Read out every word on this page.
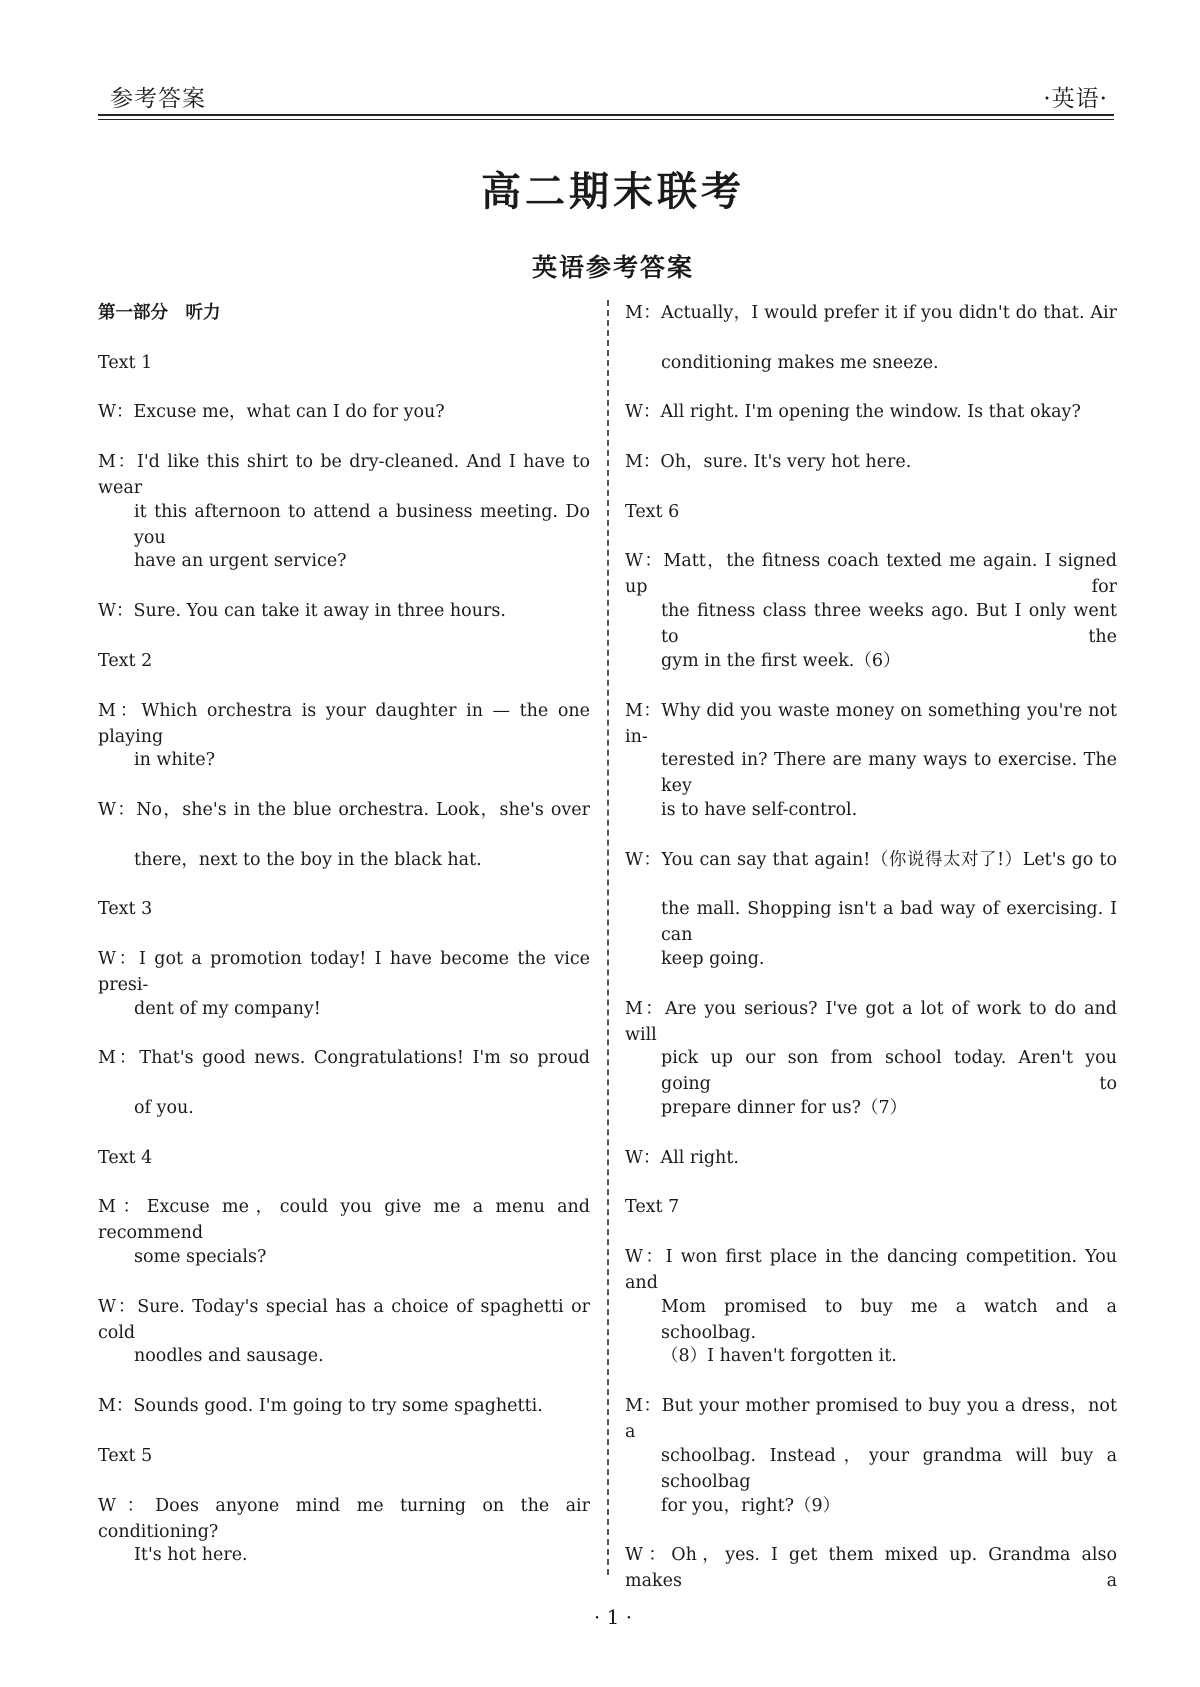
参考答案	·英语·
高二期末联考
英语参考答案
第一部分　听力
Text 1
W：Excuse me，what can I do for you?
M：I'd like this shirt to be dry-cleaned. And I have to wear
it this afternoon to attend a business meeting. Do you
have an urgent service?
W：Sure. You can take it away in three hours.
Text 2
M：Which orchestra is your daughter in — the one playing
in white?
W：No，she's in the blue orchestra. Look，she's over
there，next to the boy in the black hat.
Text 3
W：I got a promotion today! I have become the vice presi-
dent of my company!
M：That's good news. Congratulations! I'm so proud
of you.
Text 4
M：Excuse me，could you give me a menu and recommend
some specials?
W：Sure. Today's special has a choice of spaghetti or cold
noodles and sausage.
M：Sounds good. I'm going to try some spaghetti.
Text 5
W：Does anyone mind me turning on the air conditioning?
It's hot here.
M：Actually，I would prefer it if you didn't do that. Air
conditioning makes me sneeze.
W：All right. I'm opening the window. Is that okay?
M：Oh，sure. It's very hot here.
Text 6
W：Matt，the fitness coach texted me again. I signed up for
the fitness class three weeks ago. But I only went to the
gym in the first week.（6）
M：Why did you waste money on something you're not in-
terested in? There are many ways to exercise. The key
is to have self-control.
W：You can say that again!（你说得太对了!）Let's go to
the mall. Shopping isn't a bad way of exercising. I can
keep going.
M：Are you serious? I've got a lot of work to do and will
pick up our son from school today. Aren't you going to
prepare dinner for us?（7）
W：All right.
Text 7
W：I won first place in the dancing competition. You and
Mom promised to buy me a watch and a schoolbag.
（8）I haven't forgotten it.
M：But your mother promised to buy you a dress，not a
schoolbag. Instead，your grandma will buy a schoolbag
for you，right?（9）
W：Oh，yes. I get them mixed up. Grandma also makes a
· 1 ·
